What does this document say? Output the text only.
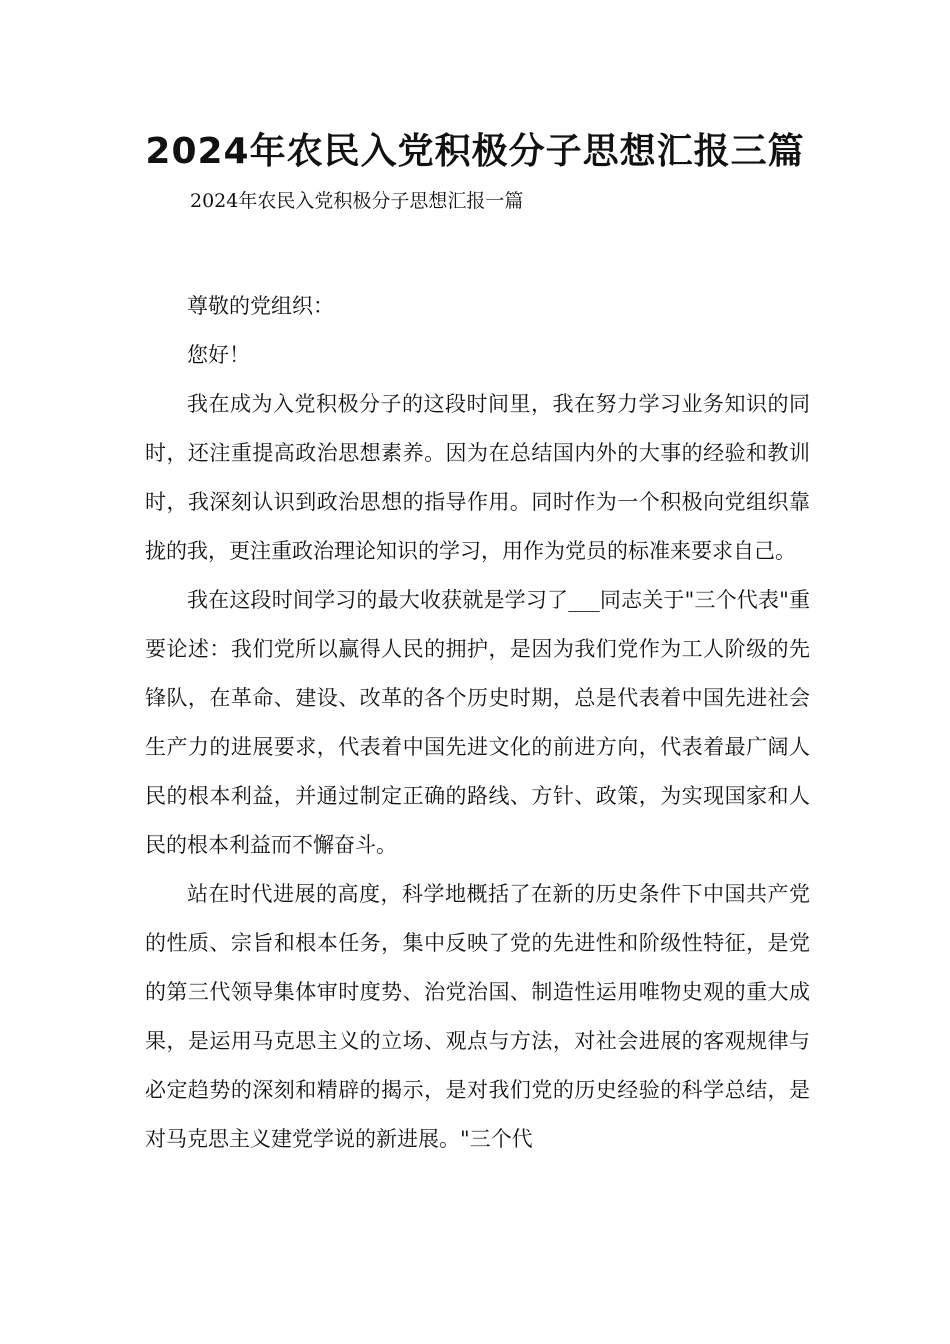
2024年农民入党积极分子思想汇报三篇

2024年农民入党积极分子思想汇报一篇

尊敬的党组织：

您好！

我在成为入党积极分子的这段时间里，我在努力学习业务知识的同时，还注重提高政治思想素养。因为在总结国内外的大事的经验和教训时，我深刻认识到政治思想的指导作用。同时作为一个积极向党组织靠拢的我，更注重政治理论知识的学习，用作为党员的标准来要求自己。

我在这段时间学习的最大收获就是学习了___同志关于"三个代表"重要论述：我们党所以赢得人民的拥护，是因为我们党作为工人阶级的先锋队，在革命、建设、改革的各个历史时期，总是代表着中国先进社会生产力的进展要求，代表着中国先进文化的前进方向，代表着最广阔人民的根本利益，并通过制定正确的路线、方针、政策，为实现国家和人民的根本利益而不懈奋斗。

站在时代进展的高度，科学地概括了在新的历史条件下中国共产党的性质、宗旨和根本任务，集中反映了党的先进性和阶级性特征，是党的第三代领导集体审时度势、治党治国、制造性运用唯物史观的重大成果，是运用马克思主义的立场、观点与方法，对社会进展的客观规律与必定趋势的深刻和精辟的揭示，是对我们党的历史经验的科学总结，是对马克思主义建党学说的新进展。"三个代
